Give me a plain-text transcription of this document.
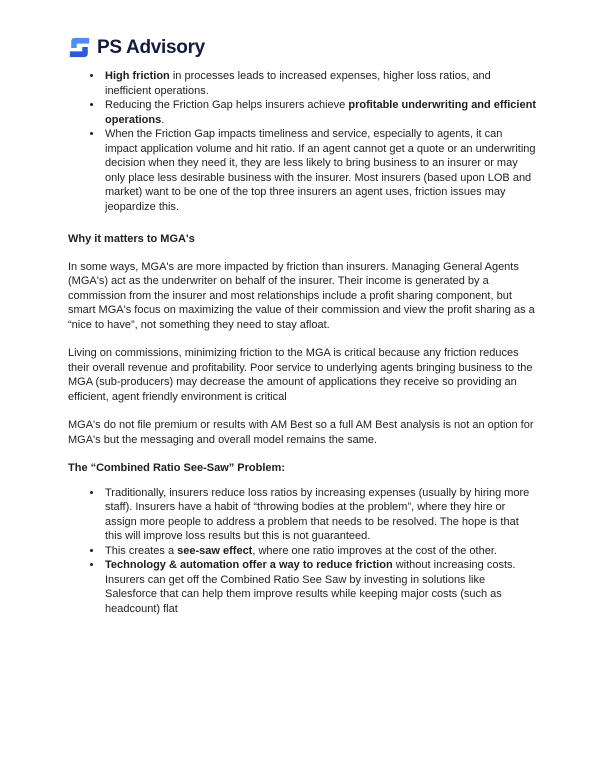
PS Advisory
• High friction in processes leads to increased expenses, higher loss ratios, and inefficient operations.
• Reducing the Friction Gap helps insurers achieve profitable underwriting and efficient operations.
• When the Friction Gap impacts timeliness and service, especially to agents, it can impact application volume and hit ratio. If an agent cannot get a quote or an underwriting decision when they need it, they are less likely to bring business to an insurer or may only place less desirable business with the insurer. Most insurers (based upon LOB and market) want to be one of the top three insurers an agent uses, friction issues may jeopardize this.
Why it matters to MGA's

In some ways, MGA's are more impacted by friction than insurers. Managing General Agents (MGA's) act as the underwriter on behalf of the insurer. Their income is generated by a commission from the insurer and most relationships include a profit sharing component, but smart MGA's focus on maximizing the value of their commission and view the profit sharing as a “nice to have”, not something they need to stay afloat.

Living on commissions, minimizing friction to the MGA is critical because any friction reduces their overall revenue and profitability. Poor service to underlying agents bringing business to the MGA (sub-producers) may decrease the amount of applications they receive so providing an efficient, agent friendly environment is critical

MGA's do not file premium or results with AM Best so a full AM Best analysis is not an option for MGA's but the messaging and overall model remains the same.

The “Combined Ratio See-Saw” Problem:
• Traditionally, insurers reduce loss ratios by increasing expenses (usually by hiring more staff). Insurers have a habit of “throwing bodies at the problem”, where they hire or assign more people to address a problem that needs to be resolved. The hope is that this will improve loss results but this is not guaranteed.
• This creates a see-saw effect, where one ratio improves at the cost of the other.
• Technology & automation offer a way to reduce friction without increasing costs. Insurers can get off the Combined Ratio See Saw by investing in solutions like Salesforce that can help them improve results while keeping major costs (such as headcount) flat
